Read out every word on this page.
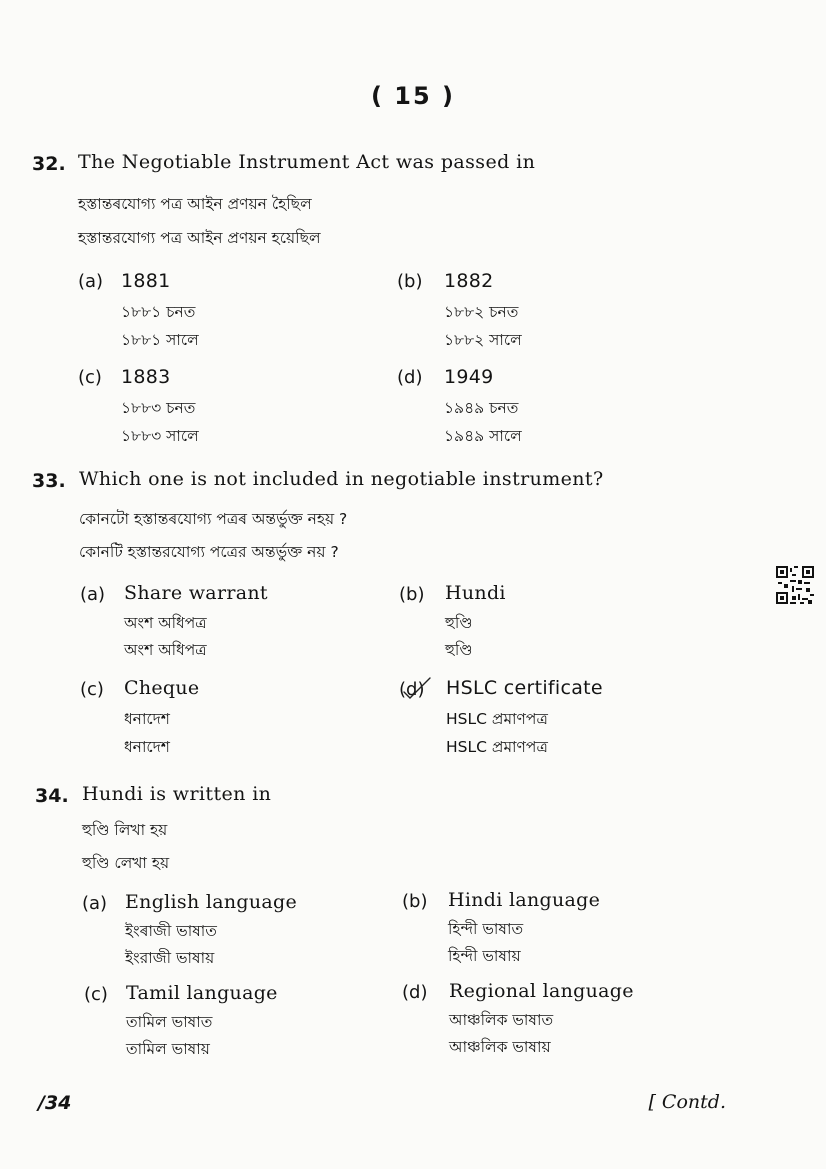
( 15 )
32. The Negotiable Instrument Act was passed in
হস্তান্তৰযোগ্য পত্ৰ আইন প্ৰণয়ন হৈছিল
হস্তান্তরযোগ্য পত্র আইন প্রণয়ন হয়েছিল
(a) 1881
১৮৮১ চনত
১৮৮১ সালে
(b) 1882
১৮৮২ চনত
১৮৮২ সালে
(c) 1883
১৮৮৩ চনত
১৮৮৩ সালে
(d) 1949
১৯৪৯ চনত
১৯৪৯ সালে
33. Which one is not included in negotiable instrument?
কোনটো হস্তান্তৰযোগ্য পত্ৰৰ অন্তৰ্ভুক্ত নহয় ?
কোনটি হস্তান্তরযোগ্য পত্রের অন্তর্ভুক্ত নয় ?
(a) Share warrant
অংশ অধিপত্ৰ
অংশ অধিপত্র
(b) Hundi
হুণ্ডি
হুণ্ডি
(c) Cheque
ধনাদেশ
ধনাদেশ
(d) HSLC certificate
HSLC প্ৰমাণপত্ৰ
HSLC প্রমাণপত্র
34. Hundi is written in
হুণ্ডি লিখা হয়
হুণ্ডি লেখা হয়
(a) English language
ইংৰাজী ভাষাত
ইংরাজী ভাষায়
(b) Hindi language
হিন্দী ভাষাত
হিন্দী ভাষায়
(c) Tamil language
তামিল ভাষাত
তামিল ভাষায়
(d) Regional language
আঞ্চলিক ভাষাত
আঞ্চলিক ভাষায়
/34	[ Contd.
